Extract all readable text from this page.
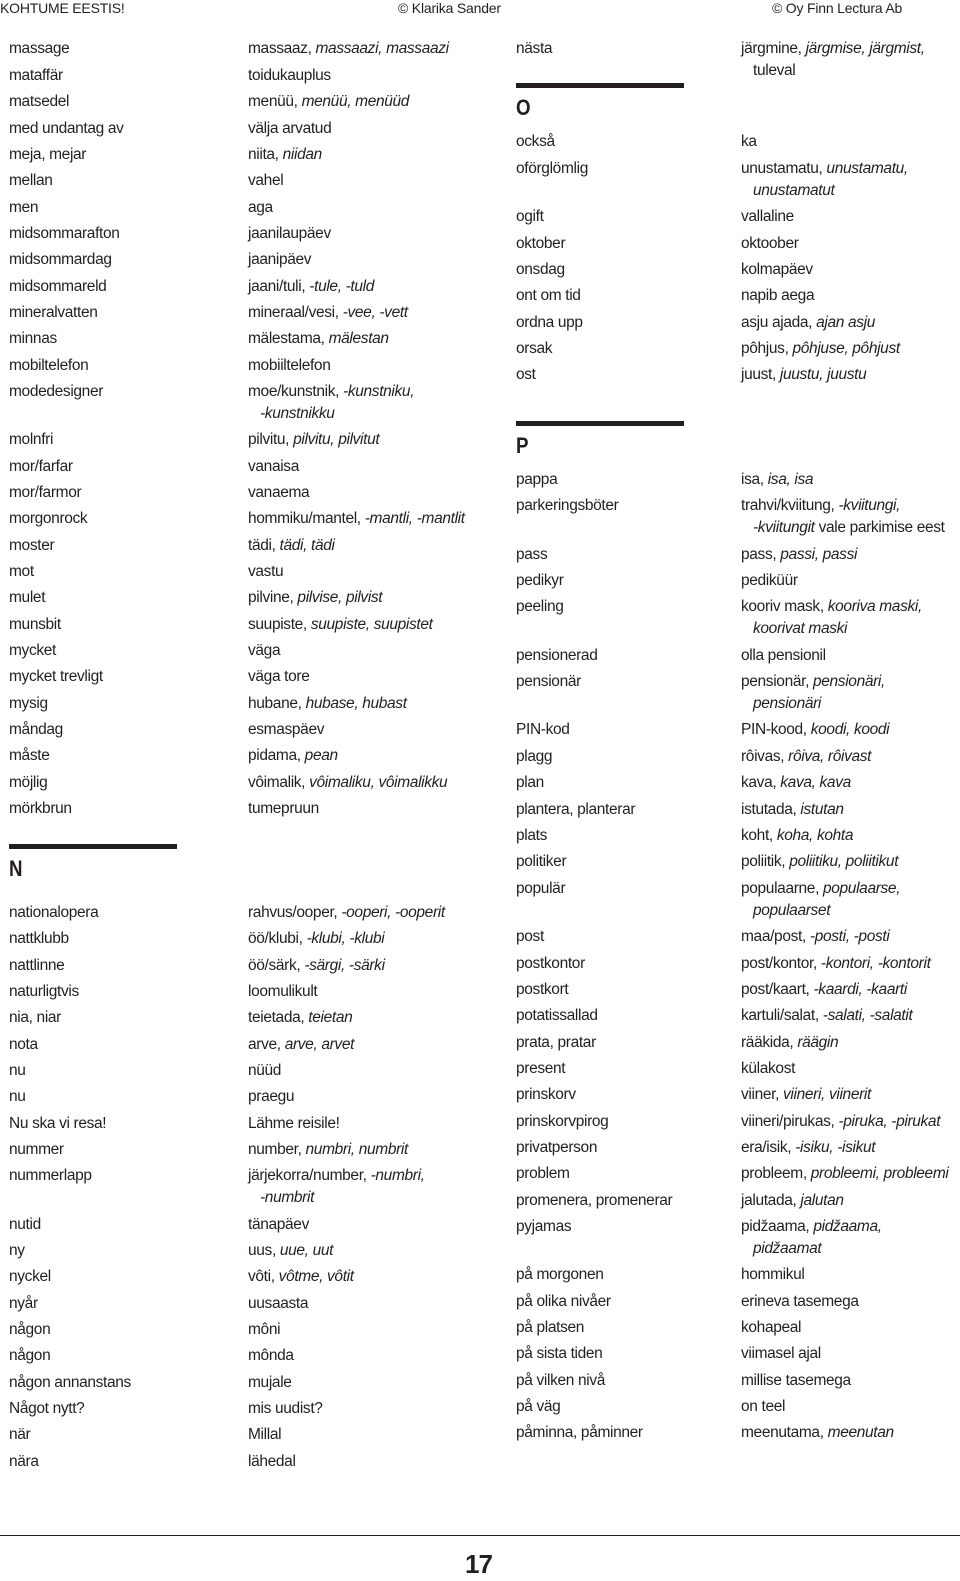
KOHTUME EESTIS!	© Klarika Sander	© Oy Finn Lectura Ab
massage
mataffär
matsedel
med undantag av
meja, mejar
mellan
men
midsommarafton
midsommardag
midsommareld
mineralvatten
minnas
mobiltelefon
modedesigner
molnfri
mor/farfar
mor/farmor
morgonrock
moster
mot
mulet
munsbit
mycket
mycket trevligt
mysig
måndag
måste
möjlig
mörkbrun
nationalopera
nattklubb
nattlinne
naturligtvis
nia, niar
nota
nu
nu
Nu ska vi resa!
nummer
nummerlapp
nutid
ny
nyckel
nyår
någon
någon
någon annanstans
Något nytt?
när
nära
N
massaaz, massaazi, massaazi
toidukauplus
menüü, menüü, menüüd
välja arvatud
niita, niidan
vahel
aga
jaanilaupäev
jaanipäev
jaani/tuli, -tule, -tuld
mineraal/vesi, -vee, -vett
mälestama, mälestan
mobiiltelefon
moe/kunstnik, -kunstniku,
-kunstnikku
pilvitu, pilvitu, pilvitut
vanaisa
vanaema
hommiku/mantel, -mantli, -mantlit
tädi, tädi, tädi
vastu
pilvine, pilvise, pilvist
suupiste, suupiste, suupistet
väga
väga tore
hubane, hubase, hubast
esmaspäev
pidama, pean
vôimalik, vôimaliku, vôimalikku
tumepruun
rahvus/ooper, -ooperi, -ooperit
öö/klubi, -klubi, -klubi
öö/särk, -särgi, -särki
loomulikult
teietada, teietan
arve, arve, arvet
nüüd
praegu
Lähme reisile!
number, numbri, numbrit
järjekorra/number, -numbri,
-numbrit
tänapäev
uus, uue, uut
vôti, vôtme, vôtit
uusaasta
môni
mônda
mujale
mis uudist?
Millal
lähedal
nästa
också
oförglömlig
ogift
oktober
onsdag
ont om tid
ordna upp
orsak
ost
pappa
parkeringsböter
pass
pedikyr
peeling
pensionerad
pensionär
PIN-kod
plagg
plan
plantera, planterar
plats
politiker
populär
post
postkontor
postkort
potatissallad
prata, pratar
present
prinskorv
prinskorvpirog
privatperson
problem
promenera, promenerar
pyjamas
på morgonen
på olika nivåer
på platsen
på sista tiden
på vilken nivå
på väg
påminna, påminner
O
P
järgmine, järgmise, järgmist,
tuleval
ka
unustamatu, unustamatu,
unustamatut
vallaline
oktoober
kolmapäev
napib aega
asju ajada, ajan asju
pôhjus, pôhjuse, pôhjust
juust, juustu, juustu
isa, isa, isa
trahvi/kviitung, -kviitungi,
-kviitungit vale parkimise eest
pass, passi, passi
pediküür
kooriv mask, kooriva maski,
koorivat maski
olla pensionil
pensionär, pensionäri,
pensionäri
PIN-kood, koodi, koodi
rôivas, rôiva, rôivast
kava, kava, kava
istutada, istutan
koht, koha, kohta
poliitik, poliitiku, poliitikut
populaarne, populaarse,
populaarset
maa/post, -posti, -posti
post/kontor, -kontori, -kontorit
post/kaart, -kaardi, -kaarti
kartuli/salat, -salati, -salatit
rääkida, räägin
külakost
viiner, viineri, viinerit
viineri/pirukas, -piruka, -pirukat
era/isik, -isiku, -isikut
probleem, probleemi, probleemi
jalutada, jalutan
pidžaama, pidžaama,
pidžaamat
hommikul
erineva tasemega
kohapeal
viimasel ajal
millise tasemega
on teel
meenutama, meenutan
17
